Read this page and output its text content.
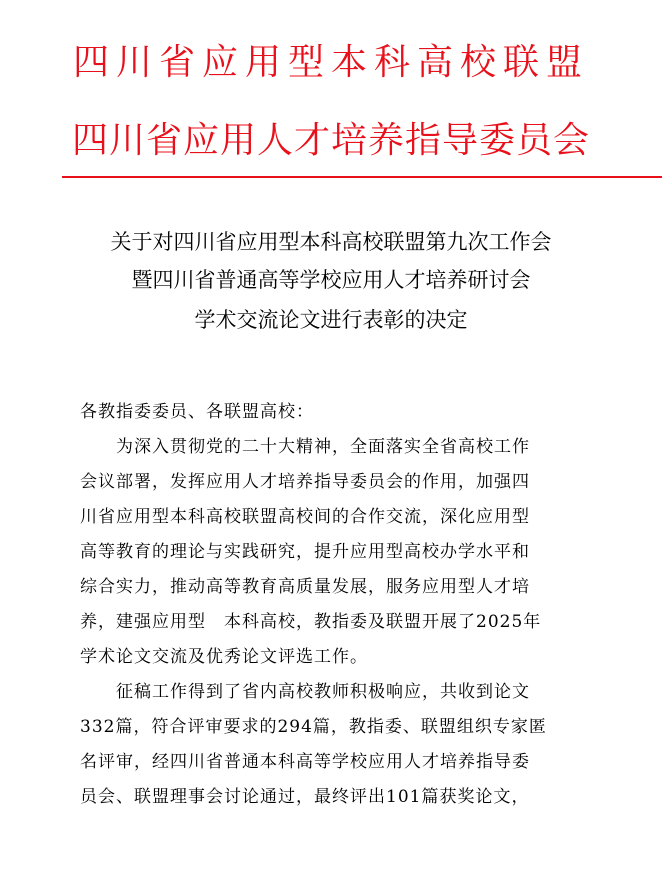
四川省应用型本科高校联盟
四川省应用人才培养指导委员会
关于对四川省应用型本科高校联盟第九次工作会
暨四川省普通高等学校应用人才培养研讨会
学术交流论文进行表彰的决定
各教指委委员、各联盟高校：
　　为深入贯彻党的二十大精神，全面落实全省高校工作
会议部署，发挥应用人才培养指导委员会的作用，加强四
川省应用型本科高校联盟高校间的合作交流，深化应用型
高等教育的理论与实践研究，提升应用型高校办学水平和
综合实力，推动高等教育高质量发展，服务应用型人才培
养，建强应用型　本科高校，教指委及联盟开展了2025年
学术论文交流及优秀论文评选工作。
　　征稿工作得到了省内高校教师积极响应，共收到论文
332篇，符合评审要求的294篇，教指委、联盟组织专家匿
名评审，经四川省普通本科高等学校应用人才培养指导委
员会、联盟理事会讨论通过，最终评出101篇获奖论文，
